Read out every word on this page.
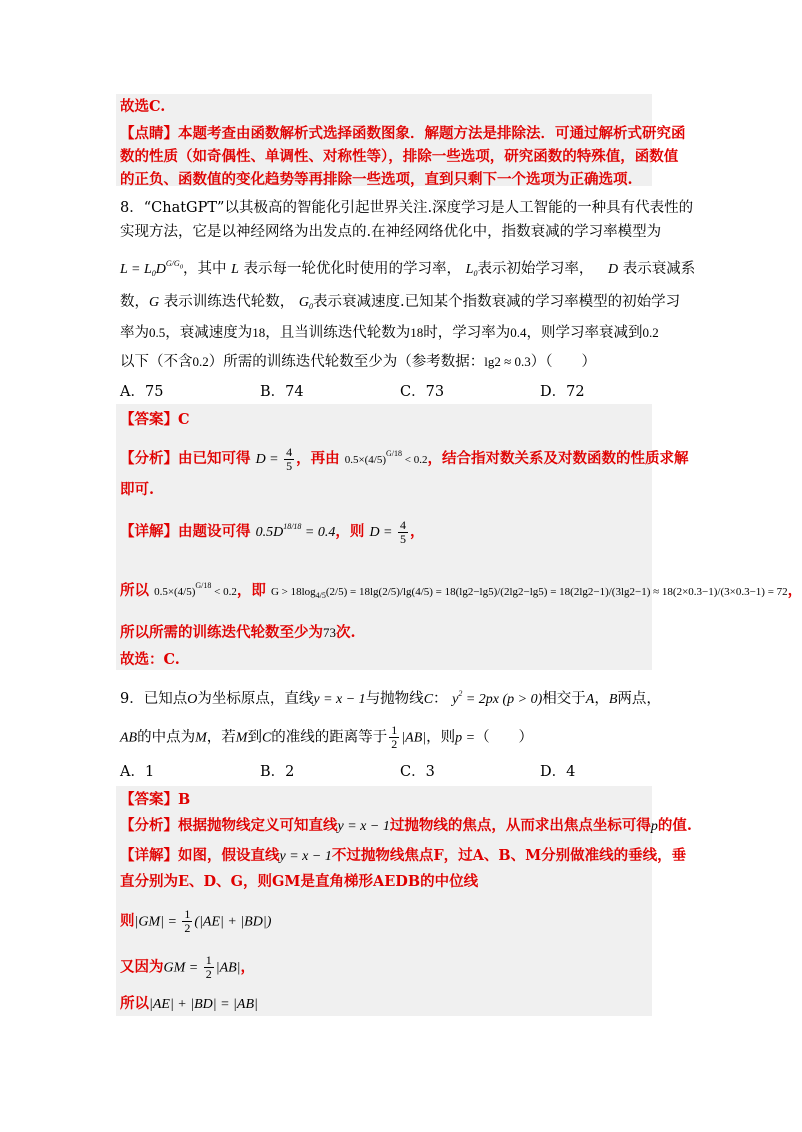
故选C.
【点睛】本题考查由函数解析式选择函数图象．解题方法是排除法．可通过解析式研究函
数的性质（如奇偶性、单调性、对称性等），排除一些选项，研究函数的特殊值，函数值
的正负、函数值的变化趋势等再排除一些选项，直到只剩下一个选项为正确选项.
8．“ChatGPT”以其极高的智能化引起世界关注.深度学习是人工智能的一种具有代表性的
实现方法，它是以神经网络为出发点的.在神经网络优化中，指数衰减的学习率模型为
$L = L_0D^{G/G_0}$，其中 L 表示每一轮优化时使用的学习率， $L_0$表示初始学习率， D 表示衰减系
数，G 表示训练迭代轮数， $G_0$表示衰减速度.已知某个指数衰减的学习率模型的初始学习
率为0.5，衰减速度为18，且当训练迭代轮数为18时，学习率为0.4，则学习率衰减到0.2
以下（不含0.2）所需的训练迭代轮数至少为（参考数据：lg2 ≈ 0.3）（　　）
A．75	B．74	C．73	D．72
【答案】C
【分析】由已知可得 $D = \frac{4}{5}$ ，再由 $0.5\times(4/5)^{G/18} < 0.2$，结合指对数关系及对数函数的性质求解
即可.
【详解】由题设可得 $0.5D^{18/18} = 0.4$，则 $D = \frac{4}{5}$ ，
所以 $0.5\times(4/5)^{G/18} < 0.2$，即 $G > 18\log_{4/5}(2/5) = 18\lg(2/5)/\lg(4/5) = 18(\lg 2-\lg 5)/(2\lg 2-\lg 5) = 18(2\lg 2-1)/(3\lg 2-1) \approx 18(2\times 0.3-1)/(3\times 0.3-1) = 72$，
所以所需的训练迭代轮数至少为73次.
故选：C.
9．已知点O为坐标原点，直线y = x − 1与抛物线C： $y^2 = 2px$ (p > 0)相交于A，B两点，
AB的中点为M，若M到C的准线的距离等于 $\frac{1}{2} |AB|$，则p =（　　）
A．1	B．2	C．3	D．4
【答案】B
【分析】根据抛物线定义可知直线y = x − 1过抛物线的焦点，从而求出焦点坐标可得p的值.
【详解】如图，假设直线y = x − 1不过抛物线焦点F，过A、B、M分别做准线的垂线，垂
直分别为E、D、G，则GM是直角梯形AEDB的中位线
则$|GM| = \frac{1}{2} (|AE| + |BD|)$
又因为GM = $\frac{1}{2} |AB|$，
所以|AE| + |BD| = |AB|
